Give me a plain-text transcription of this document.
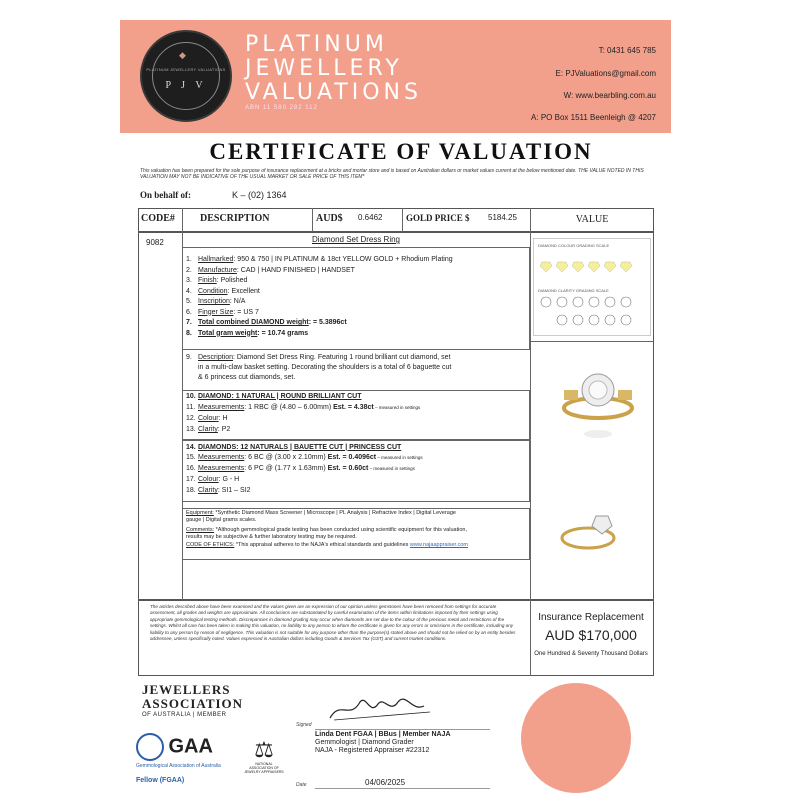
◆
PLATINUM JEWELLERY VALUATIONS
P J V
PLATINUM
JEWELLERY
VALUATIONS
ABN 11 580 282 112
T: 0431 645 785
E: PJValuations@gmail.com
W: www.bearbling.com.au
A: PO Box 1511 Beenleigh @ 4207
CERTIFICATE OF VALUATION
This valuation has been prepared for the sole purpose of insurance replacement at a bricks and mortar store and is based on Australian dollars or market values current at the below mentioned date. THE VALUE NOTED IN THIS VALUATION MAY NOT BE INDICATIVE OF THE USUAL MARKET OR SALE PRICE OF THIS ITEM*
On behalf of:	K – (02) 1364
CODE#	DESCRIPTION	AUD$ 0.6462	GOLD PRICE $ 5184.25	VALUE
9082	Diamond Set Dress Ring
1. Hallmarked: 950 & 750 | IN PLATINUM & 18ct YELLOW GOLD + Rhodium Plating
2. Manufacture: CAD | HAND FINISHED | HANDSET
3. Finish: Polished
4. Condition: Excellent
5. Inscription: N/A
6. Finger Size: = US 7
7. Total combined DIAMOND weight: = 5.3896ct
8. Total gram weight: = 10.74 grams
11. Measurements: 1 RBC @ (4.80 – 6.00mm) Est. = 4.38ct – measured in settings
12. Colour: H
13. Clarity: P2
15. Measurements: 6 BC @ (3.00 x 2.10mm) Est. = 0.4096ct – measured in settings
16. Measurements: 6 PC @ (1.77 x 1.63mm) Est. = 0.60ct – measured in settings
17. Colour: G - H
18. Clarity: SI1 – SI2
9. Description: Diamond Set Dress Ring. Featuring 1 round brilliant cut diamond, set
in a multi-claw basket setting. Decorating the shoulders is a total of 6 baguette cut
& 6 princess cut diamonds, set.
10. DIAMOND: 1 NATURAL | ROUND BRILLIANT CUT
14. DIAMONDS: 12 NATURALS | BAUETTE CUT | PRINCESS CUT
Equipment: *Synthetic Diamond Mass Screener | Microscope | PL Analysis | Refractive Index | Digital Leverage
gauge | Digital grams scales.
Comments: *Although gemmological grade testing has been conducted using scientific equipment for this valuation,
results may be subjective & further laboratory testing may be required.
CODE OF ETHICS: *This appraisal adheres to the NAJA's ethical standards and guidelines www.najaappraiser.com
DIAMOND COLOUR GRADING SCALE
DIAMOND CLARITY GRADING SCALE
The articles described above have been examined and the values given are an expression of our opinion unless gemstones have been removed from settings for accurate assessment, all grades and weights are approximate. All conclusions are substantiated by careful examination of the items within limitations imposed by their settings using appropriate gemmological testing methods. Discrepancies in diamond grading may occur when diamonds are set due to the colour of the precious metal and restrictions of the settings. Whilst all care has been taken in making this valuation, no liability to any person to whom the certificate is given for any errors or omissions in the certificate, including any liability to any person by reason of negligence. This valuation is not suitable for any purpose other than the purpose(s) stated above and should not be relied on by an entity besides addressee, unless specifically noted. Values expressed in Australian dollars including Goods & Services Tax (GST) and current market conditions.
Insurance Replacement
AUD $170,000
One Hundred & Seventy Thousand Dollars
JEWELLERS
ASSOCIATION
OF AUSTRALIA | MEMBER
GAA
Gemmological Association of Australia
Fellow (FGAA)
⚖
NATIONAL ASSOCIATION OF JEWELRY APPRAISERS
Signed
Linda Dent FGAA | BBus | Member NAJA
Gemmologist | Diamond Grader
NAJA - Registered Appraiser #22312
Date	04/06/2025
